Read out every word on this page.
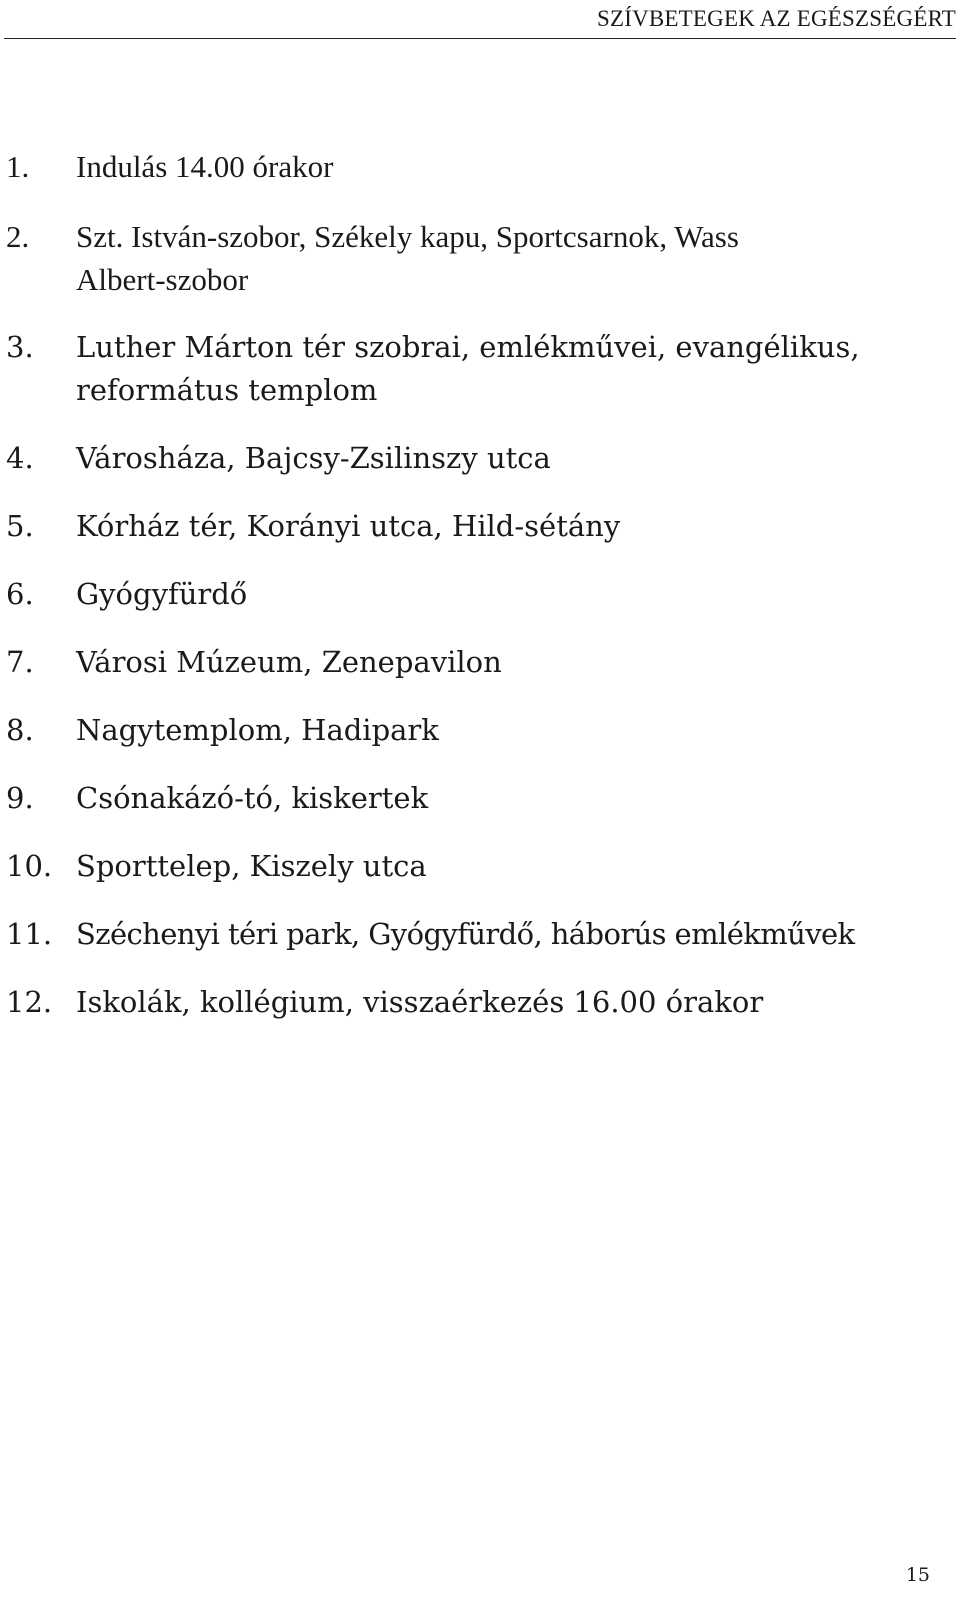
SZÍVBETEGEK AZ EGÉSZSÉGÉRT
1. Indulás 14.00 órakor
2. Szt. István-szobor, Székely kapu, Sportcsarnok, Wass Albert-szobor
3. Luther Márton tér szobrai, emlékművei, evangélikus, református templom
4. Városháza, Bajcsy-Zsilinszy utca
5. Kórház tér, Korányi utca, Hild-sétány
6. Gyógyfürdő
7. Városi Múzeum, Zenepavilon
8. Nagytemplom, Hadipark
9. Csónakázó-tó, kiskertek
10. Sporttelep, Kiszely utca
11. Széchenyi téri park, Gyógyfürdő, háborús emlékművek
12. Iskolák, kollégium, visszaérkezés 16.00 órakor
15
